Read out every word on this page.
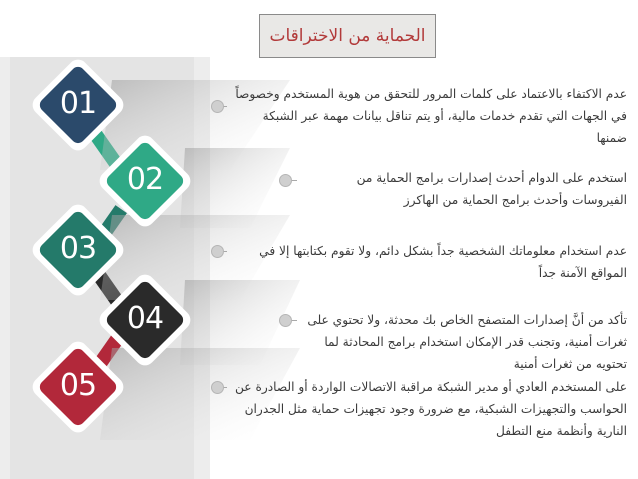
01
02
03
04
05
الحماية من الاختراقات

عدم الاكتفاء بالاعتماد على كلمات المرور للتحقق من هوية المستخدم وخصوصاً في الجهات التي تقدم خدمات مالية، أو يتم تناقل بيانات مهمة عبر الشبكة ضمنها

استخدم على الدوام أحدث إصدارات برامج الحماية من الفيروسات وأحدث برامج الحماية من الهاكرز

عدم استخدام معلوماتك الشخصية جداً بشكل دائم، ولا تقوم بكتابتها إلا في المواقع الآمنة جداً

تأكد من أنَّ إصدارات المتصفح الخاص بك محدثة، ولا تحتوي على ثغرات أمنية، وتجنب قدر الإمكان استخدام برامج المحادثة لما تحتويه من ثغرات أمنية

على المستخدم العادي أو مدير الشبكة مراقبة الاتصالات الواردة أو الصادرة عن الحواسب والتجهيزات الشبكية، مع ضرورة وجود تجهيزات حماية مثل الجدران النارية وأنظمة منع التطفل
